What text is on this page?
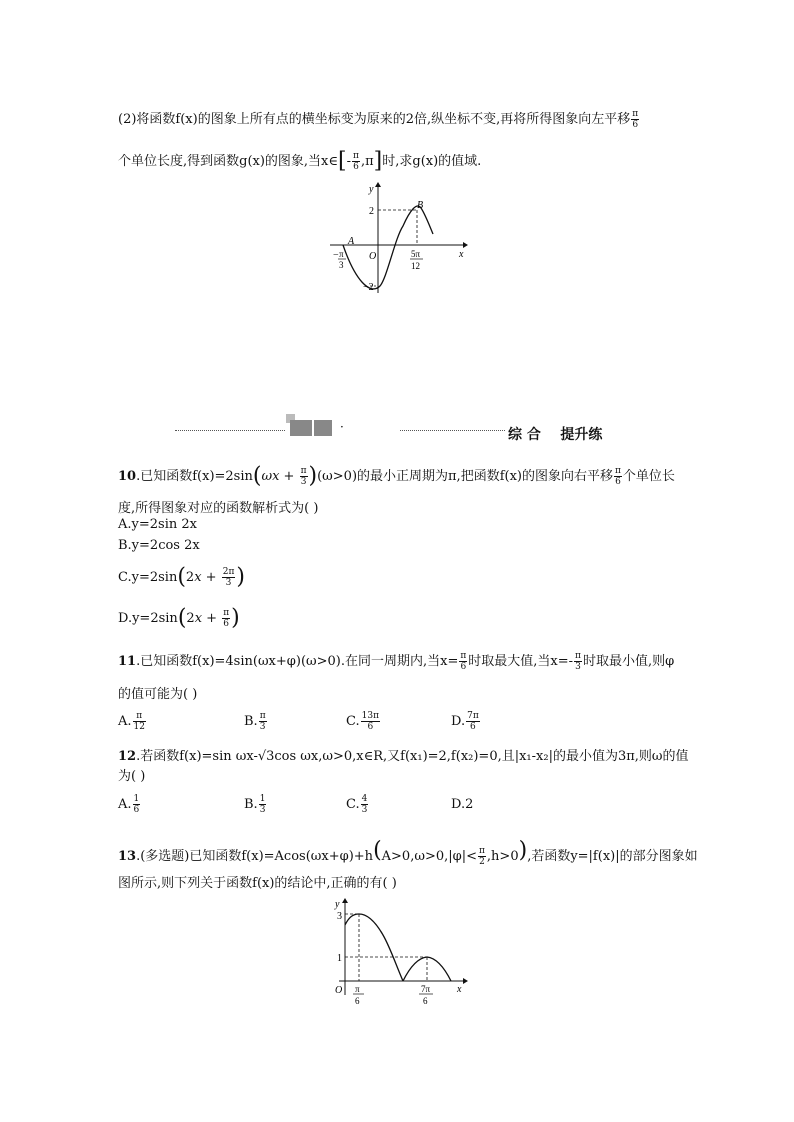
(2)将函数f(x)的图象上所有点的横坐标变为原来的2倍,纵坐标不变,再将所得图象向左平移 $\frac{\pi}{6}$
个单位长度,得到函数g(x)的图象,当x∈[- $\frac{\pi}{6} ,\pi$]时,求g(x)的值域.
y
x
O
2
−2
A
B
− π
3
5π
12
·	综 合    提升练
10.已知函数$f(x)=2\sin(\omega x + \frac{\pi}{3} )(\omega>0)$的最小正周期为π,把函数f(x)的图象向右平移 $\frac{\pi}{6}$ 个单位长
度,所得图象对应的函数解析式为( )
A.y=2sin 2x
B.y=2cos 2x
$C.y=2\sin(2x + \frac{2\pi}{3}$ )
$D.y=2\sin(2x + \frac{\pi}{6}$ )
11.已知函数f(x)=4sin(ωx+φ)(ω>0).在同一周期内,当$x= \frac{\pi}{6}$ 时取最大值,当$x=- \frac{\pi}{3}$ 时取最小值,则φ
的值可能为( )
A. $\frac{\pi}{12}$	B. $\frac{\pi}{3}$	C. $\frac{13\pi}{6}$	D. $\frac{7\pi}{6}$
12.若函数f(x)=sin ωx-√3cos ωx,ω>0,x∈R,又f(x₁)=2,f(x₂)=0,且|x₁-x₂|的最小值为3π,则ω的值
为( )
A. $\frac{1}{6}$	B. $\frac{1}{3}$	C. $\frac{4}{3}$	D.2
13.(多选题)已知函数$f(x)=Acos(\omega x+\varphi)+h(A>0,\omega>0,|\varphi|< \frac{\pi}{2} ,h>0)$,若函数y=|f(x)|的部分图象如
图所示,则下列关于函数f(x)的结论中,正确的有( )
y
x
O
3
1
π
6
7π
6
